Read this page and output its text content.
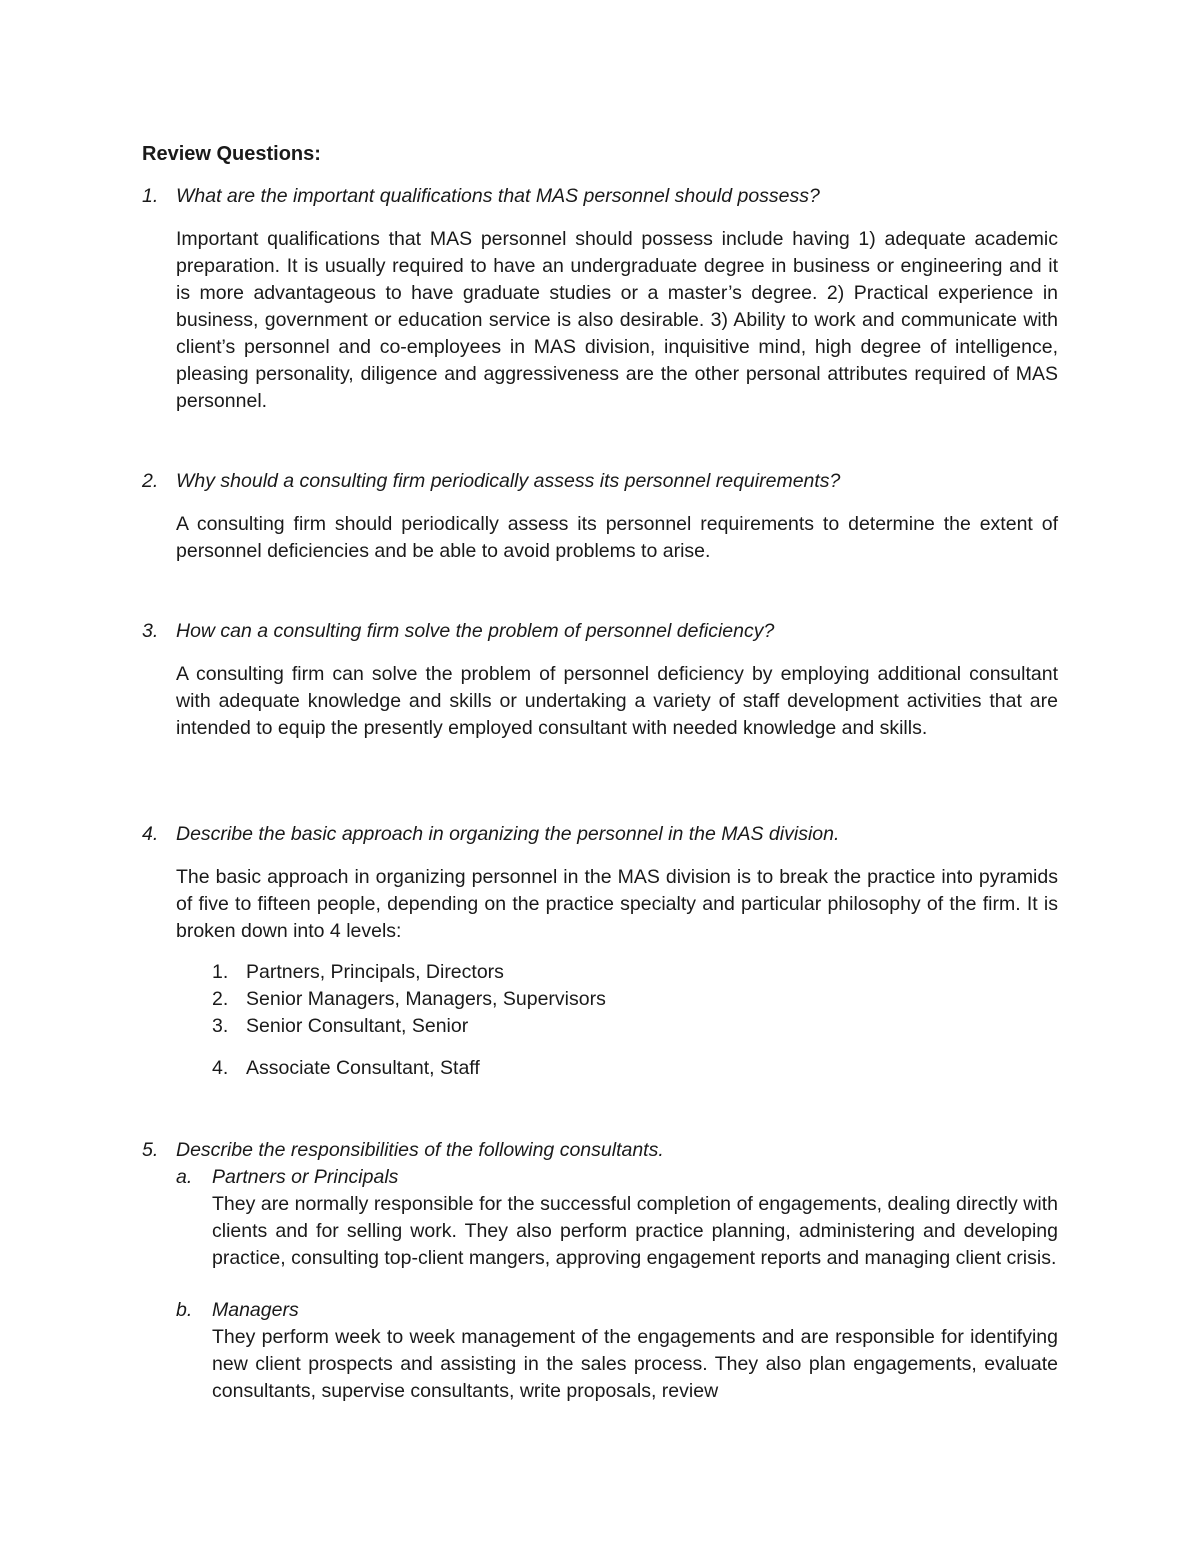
Review Questions:
1. What are the important qualifications that MAS personnel should possess?
Important qualifications that MAS personnel should possess include having 1) adequate academic preparation. It is usually required to have an undergraduate degree in business or engineering and it is more advantageous to have graduate studies or a master’s degree. 2) Practical experience in business, government or education service is also desirable. 3) Ability to work and communicate with client’s personnel and co-employees in MAS division, inquisitive mind, high degree of intelligence, pleasing personality, diligence and aggressiveness are the other personal attributes required of MAS personnel.
2. Why should a consulting firm periodically assess its personnel requirements?
A consulting firm should periodically assess its personnel requirements to determine the extent of personnel deficiencies and be able to avoid problems to arise.
3. How can a consulting firm solve the problem of personnel deficiency?
A consulting firm can solve the problem of personnel deficiency by employing additional consultant with adequate knowledge and skills or undertaking a variety of staff development activities that are intended to equip the presently employed consultant with needed knowledge and skills.
4. Describe the basic approach in organizing the personnel in the MAS division.
The basic approach in organizing personnel in the MAS division is to break the practice into pyramids of five to fifteen people, depending on the practice specialty and particular philosophy of the firm. It is broken down into 4 levels:
1. Partners, Principals, Directors
2. Senior Managers, Managers, Supervisors
3. Senior Consultant, Senior
4. Associate Consultant, Staff
5. Describe the responsibilities of the following consultants.
a. Partners or Principals
They are normally responsible for the successful completion of engagements, dealing directly with clients and for selling work. They also perform practice planning, administering and developing practice, consulting top-client mangers, approving engagement reports and managing client crisis.
b. Managers
They perform week to week management of the engagements and are responsible for identifying new client prospects and assisting in the sales process. They also plan engagements, evaluate consultants, supervise consultants, write proposals, review
